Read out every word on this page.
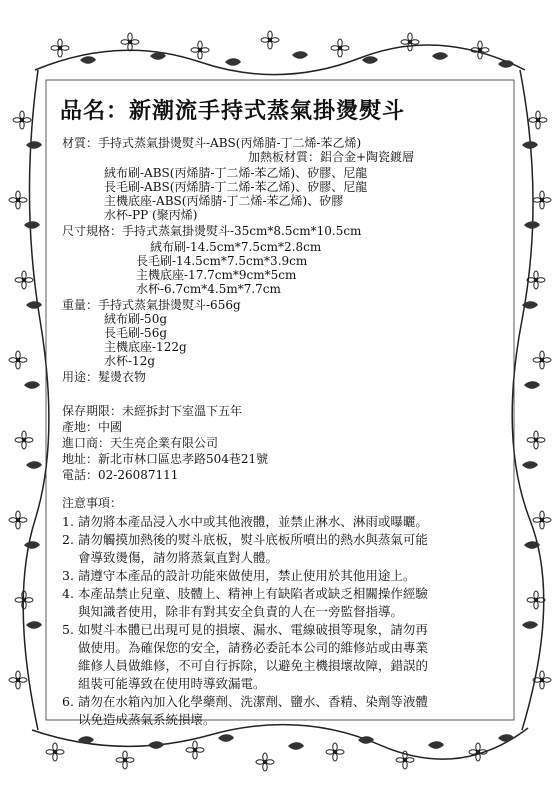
品名：新潮流手持式蒸氣掛燙熨斗
材質：手持式蒸氣掛燙熨斗-ABS(丙烯腈-丁二烯-苯乙烯)
加熱板材質：鋁合金+陶瓷鍍層
絨布刷-ABS(丙烯腈-丁二烯-苯乙烯)、矽膠、尼龍
長毛刷-ABS(丙烯腈-丁二烯-苯乙烯)、矽膠、尼龍
主機底座-ABS(丙烯腈-丁二烯-苯乙烯)、矽膠
水杯-PP (聚丙烯)
尺寸規格：手持式蒸氣掛燙熨斗-35cm*8.5cm*10.5cm
絨布刷-14.5cm*7.5cm*2.8cm
長毛刷-14.5cm*7.5cm*3.9cm
主機底座-17.7cm*9cm*5cm
水杯-6.7cm*4.5m*7.7cm
重量：手持式蒸氣掛燙熨斗-656g
絨布刷-50g
長毛刷-56g
主機底座-122g
水杯-12g
用途：髮燙衣物
保存期限：未經拆封下室溫下五年
產地：中國
進口商：天生亮企業有限公司
地址：新北市林口區忠孝路504巷21號
電話：02-26087111
注意事項：
1. 請勿將本產品浸入水中或其他液體，並禁止淋水、淋雨或曝曬。
2. 請勿觸摸加熱後的熨斗底板，熨斗底板所噴出的熱水與蒸氣可能
會導致燙傷，請勿將蒸氣直對人體。
3. 請遵守本產品的設計功能來做使用，禁止使用於其他用途上。
4. 本產品禁止兒童、肢體上、精神上有缺陷者或缺乏相關操作經驗
與知識者使用，除非有對其安全負責的人在一旁監督指導。
5. 如熨斗本體已出現可見的損壞、漏水、電線破損等現象，請勿再
做使用。為確保您的安全，請務必委託本公司的維修站或由專業
維修人員做維修，不可自行拆除，以避免主機損壞故障，錯誤的
組裝可能導致在使用時導致漏電。
6. 請勿在水箱內加入化學藥劑、洗潔劑、鹽水、香精、染劑等液體
以免造成蒸氣系統損壞。
